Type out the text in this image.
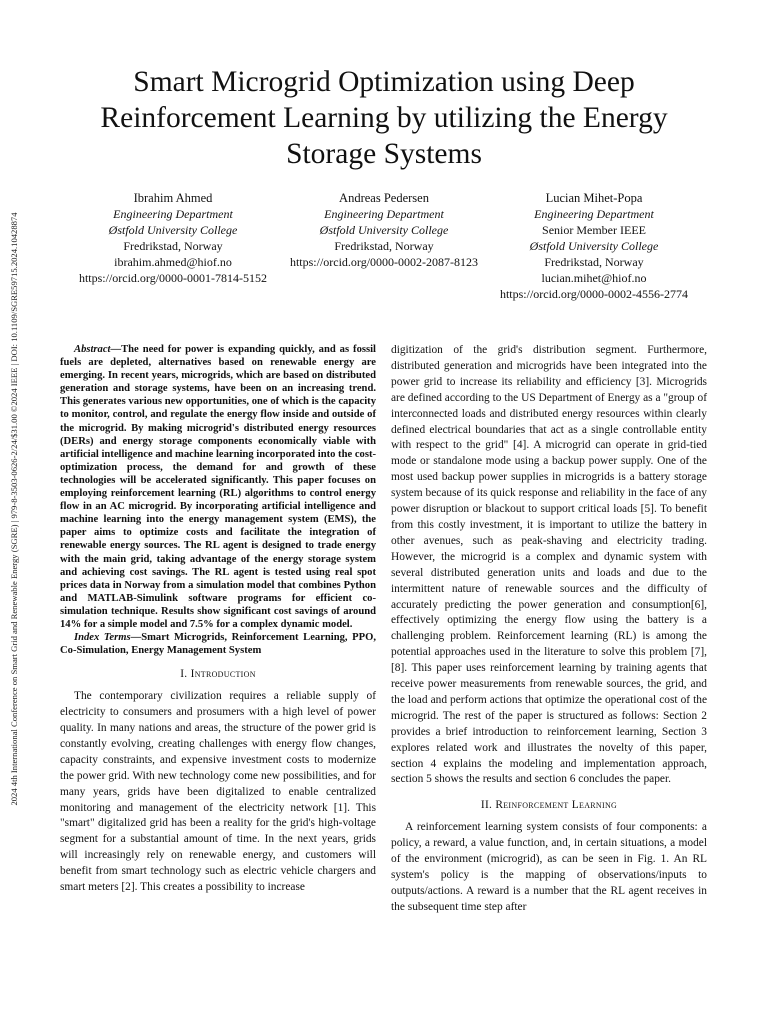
2024 4th International Conference on Smart Grid and Renewable Energy (SGRE) | 979-8-3503-0626-2/24/$31.00 ©2024 IEEE | DOI: 10.1109/SGRE59715.2024.10428874
Smart Microgrid Optimization using Deep Reinforcement Learning by utilizing the Energy Storage Systems
Ibrahim Ahmed
Engineering Department
Østfold University College
Fredrikstad, Norway
ibrahim.ahmed@hiof.no
https://orcid.org/0000-0001-7814-5152
Andreas Pedersen
Engineering Department
Østfold University College
Fredrikstad, Norway
https://orcid.org/0000-0002-2087-8123
Lucian Mihet-Popa
Engineering Department
Senior Member IEEE
Østfold University College
Fredrikstad, Norway
lucian.mihet@hiof.no
https://orcid.org/0000-0002-4556-2774

Abstract—The need for power is expanding quickly, and as fossil fuels are depleted, alternatives based on renewable energy are emerging. In recent years, microgrids, which are based on distributed generation and storage systems, have been on an increasing trend. This generates various new opportunities, one of which is the capacity to monitor, control, and regulate the energy flow inside and outside of the microgrid. By making microgrid's distributed energy resources (DERs) and energy storage components economically viable with artificial intelligence and machine learning incorporated into the cost-optimization process, the demand for and growth of these technologies will be accelerated significantly. This paper focuses on employing reinforcement learning (RL) algorithms to control energy flow in an AC microgrid. By incorporating artificial intelligence and machine learning into the energy management system (EMS), the paper aims to optimize costs and facilitate the integration of renewable energy sources. The RL agent is designed to trade energy with the main grid, taking advantage of the energy storage system and achieving cost savings. The RL agent is tested using real spot prices data in Norway from a simulation model that combines Python and MATLAB-Simulink software programs for efficient co-simulation technique. Results show significant cost savings of around 14% for a simple model and 7.5% for a complex dynamic model.

Index Terms—Smart Microgrids, Reinforcement Learning, PPO, Co-Simulation, Energy Management System

I. Introduction

The contemporary civilization requires a reliable supply of electricity to consumers and prosumers with a high level of power quality. In many nations and areas, the structure of the power grid is constantly evolving, creating challenges with energy flow changes, capacity constraints, and expensive investment costs to modernize the power grid. With new technology come new possibilities, and for many years, grids have been digitalized to enable centralized monitoring and management of the electricity network [1]. This "smart" digitalized grid has been a reality for the grid's high-voltage segment for a substantial amount of time. In the next years, grids will increasingly rely on renewable energy, and customers will benefit from smart technology such as electric vehicle chargers and smart meters [2]. This creates a possibility to increase

digitization of the grid's distribution segment. Furthermore, distributed generation and microgrids have been integrated into the power grid to increase its reliability and efficiency [3]. Microgrids are defined according to the US Department of Energy as a "group of interconnected loads and distributed energy resources within clearly defined electrical boundaries that act as a single controllable entity with respect to the grid" [4]. A microgrid can operate in grid-tied mode or standalone mode using a backup power supply. One of the most used backup power supplies in microgrids is a battery storage system because of its quick response and reliability in the face of any power disruption or blackout to support critical loads [5]. To benefit from this costly investment, it is important to utilize the battery in other avenues, such as peak-shaving and electricity trading. However, the microgrid is a complex and dynamic system with several distributed generation units and loads and due to the intermittent nature of renewable sources and the difficulty of accurately predicting the power generation and consumption[6], effectively optimizing the energy flow using the battery is a challenging problem. Reinforcement learning (RL) is among the potential approaches used in the literature to solve this problem [7], [8]. This paper uses reinforcement learning by training agents that receive power measurements from renewable sources, the grid, and the load and perform actions that optimize the operational cost of the microgrid. The rest of the paper is structured as follows: Section 2 provides a brief introduction to reinforcement learning, Section 3 explores related work and illustrates the novelty of this paper, section 4 explains the modeling and implementation approach, section 5 shows the results and section 6 concludes the paper.

II. Reinforcement Learning

A reinforcement learning system consists of four components: a policy, a reward, a value function, and, in certain situations, a model of the environment (microgrid), as can be seen in Fig. 1. An RL system's policy is the mapping of observations/inputs to outputs/actions. A reward is a number that the RL agent receives in the subsequent time step after
